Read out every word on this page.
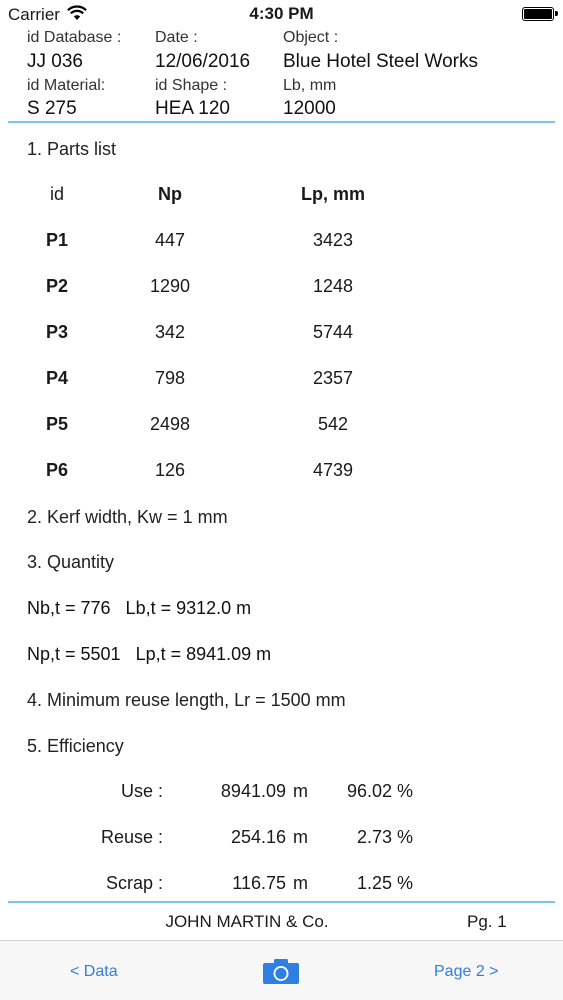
Carrier	4:30 PM
id Database : Date :	Object :
JJ 036	12/06/2016 Blue Hotel Steel Works
id Material:	id Shape :	Lb, mm
S 275	HEA 120	12000
1. Parts list
id	Np	Lp, mm
P1	447	3423
P2	1290	1248
P3	342	5744
P4	798	2357
P5	2498	542
P6	126	4739
2. Kerf width, Kw = 1 mm
3. Quantity
Nb,t = 776   Lb,t = 9312.0 m
Np,t = 5501   Lp,t = 8941.09 m
4. Minimum reuse length, Lr = 1500 mm
5. Efficiency
Use :	8941.09 m	96.02 %
Reuse :	254.16 m	2.73 %
Scrap :	116.75 m	1.25 %
JOHN MARTIN & Co.	Pg. 1
< Data	Page 2 >
